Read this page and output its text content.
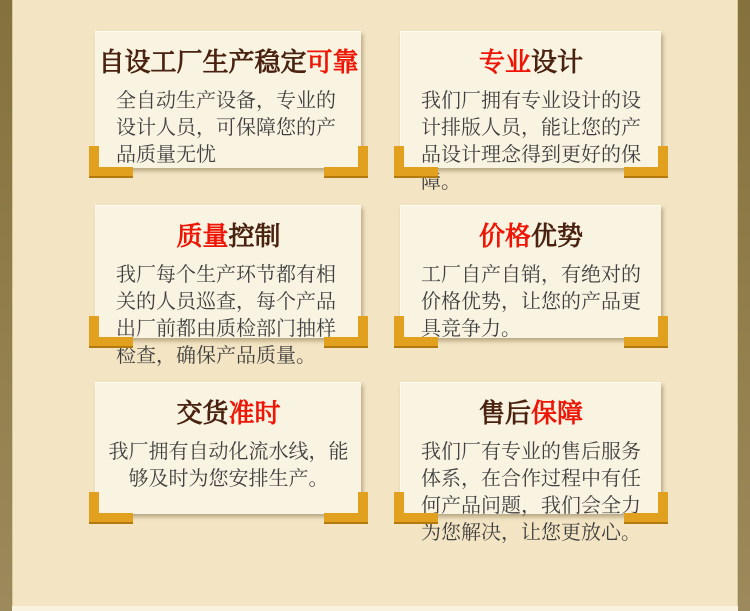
自设工厂生产稳定可靠

全自动生产设备，专业的设计人员，可保障您的产品质量无忧

专业设计

我们厂拥有专业设计的设计排版人员，能让您的产品设计理念得到更好的保障。

质量控制

我厂每个生产环节都有相关的人员巡查，每个产品出厂前都由质检部门抽样检查，确保产品质量。

价格优势

工厂自产自销，有绝对的价格优势，让您的产品更具竞争力。

交货准时

我厂拥有自动化流水线，能够及时为您安排生产。

售后保障

我们厂有专业的售后服务体系，在合作过程中有任何产品问题，我们会全力为您解决，让您更放心。
